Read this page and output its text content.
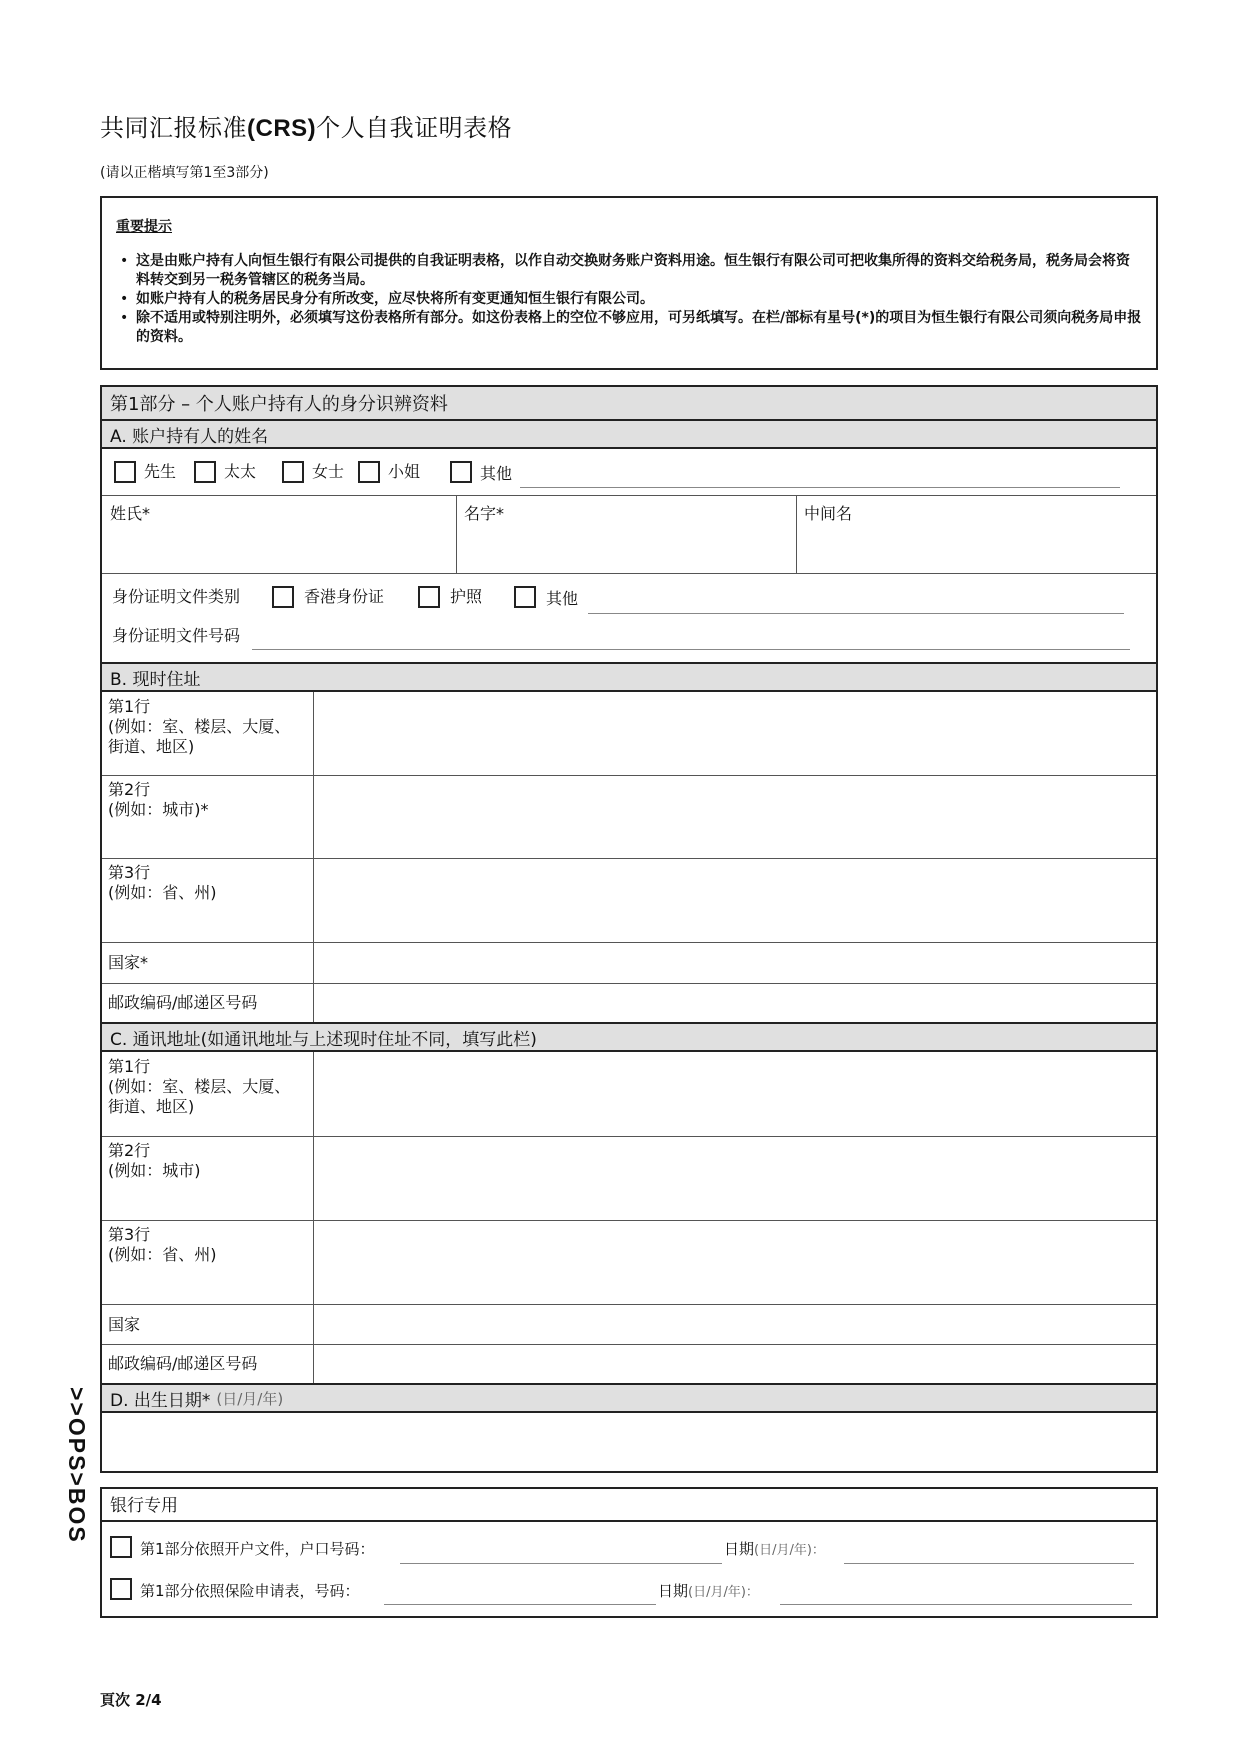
共同汇报标准(CRS)个人自我证明表格
(请以正楷填写第1至3部分)
重要提示
• 这是由账户持有人向恒生银行有限公司提供的自我证明表格，以作自动交换财务账户资料用途。恒生银行有限公司可把收集所得的资料交给税务局，税务局会将资料转交到另一税务管辖区的税务当局。
• 如账户持有人的税务居民身分有所改变，应尽快将所有变更通知恒生银行有限公司。
• 除不适用或特别注明外，必须填写这份表格所有部分。如这份表格上的空位不够应用，可另纸填写。在栏/部标有星号(*)的项目为恒生银行有限公司须向税务局申报的资料。
第1部分 – 个人账户持有人的身分识辨资料
A. 账户持有人的姓名
先生	太太	女士	小姐	其他
姓氏*	名字*	中间名
身份证明文件类别	香港身份证	护照	其他
身份证明文件号码
B. 现时住址
第1行
(例如：室、楼层、大厦、
街道、地区)
第2行
(例如：城市)*
第3行
(例如：省、州)
国家*
邮政编码/邮递区号码
C. 通讯地址(如通讯地址与上述现时住址不同，填写此栏)
第1行
(例如：室、楼层、大厦、
街道、地区)
第2行
(例如：城市)
第3行
(例如：省、州)
国家
邮政编码/邮递区号码
D. 出生日期* (日/月/年)
银行专用
第1部分依照开户文件，户口号码：	日期(日/月/年)：
第1部分依照保险申请表，号码：	日期(日/月/年)：
>>OPS>BOS
頁次 2/4
